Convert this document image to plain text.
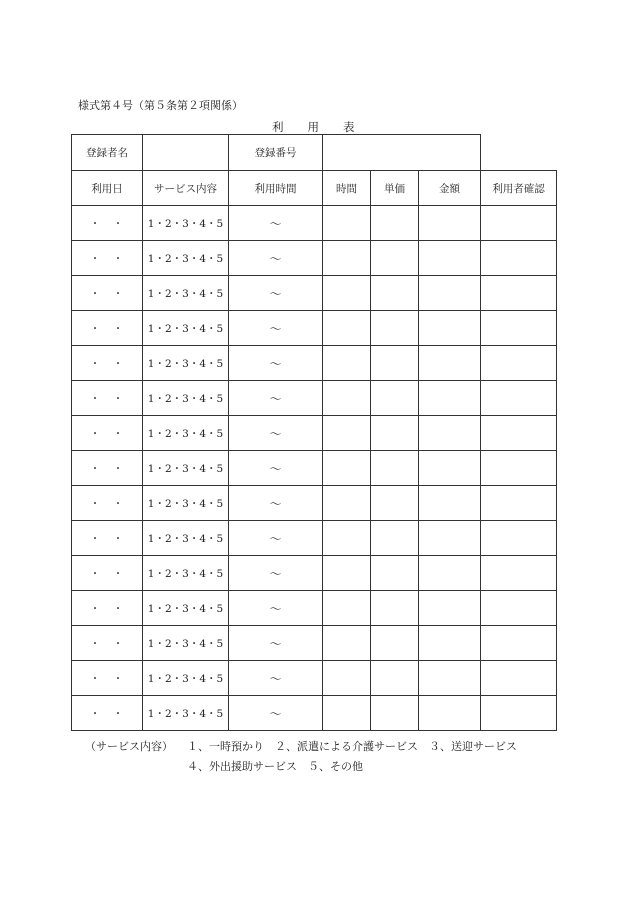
様式第４号（第５条第２項関係）
利用表
登録者名		登録番号				
利用日	サービス内容	利用時間	時間	単価	金額	利用者確認
・　・	1・2・3・4・5	～				
・　・	1・2・3・4・5	～				
・　・	1・2・3・4・5	～				
・　・	1・2・3・4・5	～				
・　・	1・2・3・4・5	～				
・　・	1・2・3・4・5	～				
・　・	1・2・3・4・5	～				
・　・	1・2・3・4・5	～				
・　・	1・2・3・4・5	～				
・　・	1・2・3・4・5	～				
・　・	1・2・3・4・5	～				
・　・	1・2・3・4・5	～				
・　・	1・2・3・4・5	～				
・　・	1・2・3・4・5	～				
・　・	1・2・3・4・5	～				
（サービス内容） １、一時預かり　２、派遣による介護サービス　３、送迎サービス
４、外出援助サービス　５、その他
